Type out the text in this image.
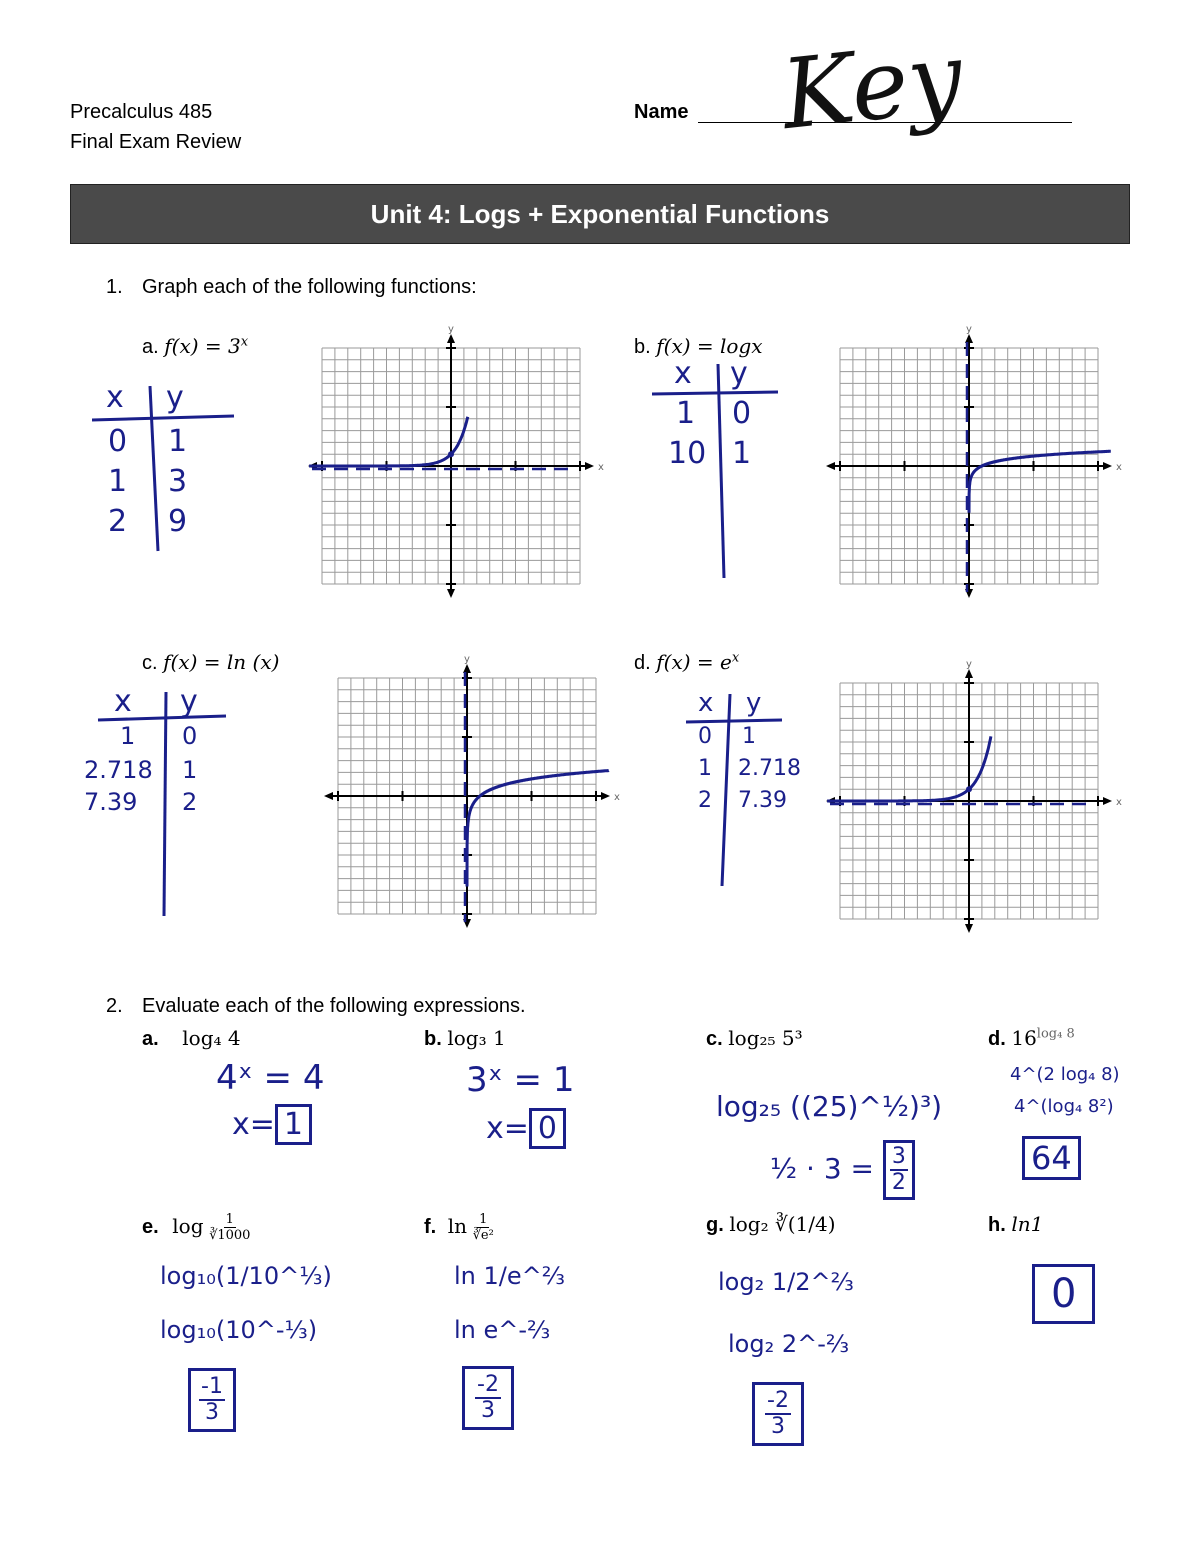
Precalculus 485
Final Exam Review
Name Key
Unit 4: Logs + Exponential Functions
1. Graph each of the following functions:
a. $f(x) = 3^x$	b. f(x) = logx
c. f(x) = ln (x)	d. $f(x) = e^x$
x y
0 1
1 3
2 9
x y
1 0
10 1
x y
1 0
2.718 1
7.39 2
x y
0 1
1 2.718
2 7.39
x
y
x
y
x
y
x
y
2. Evaluate each of the following expressions.
a. log₄ 4
4ˣ = 4
x= 1
b. log₃ 1
3ˣ = 1
x= 0
c. log₂₅ 5³
log₂₅ ((25)^½)³)
½ · $3 = \frac{3}{2}$
d. $16^{log_4 8}$
4^(2 log₄ 8)
4^(log₄ 8²)
64
e. $\log \frac{1}{∛1000}$
log₁₀(1/10^⅓)
log₁₀(10^-⅓)
$\frac{-1}{3}$
f. $\ln \frac{1}{\text{∛e²}}$
ln 1/e^⅔
ln e^-⅔
$\frac{-2}{3}$
g. log₂ ∛(1/4)
log₂ 1/2^⅔
log₂ 2^-⅔
$\frac{-2}{3}$
h. ln1
0
